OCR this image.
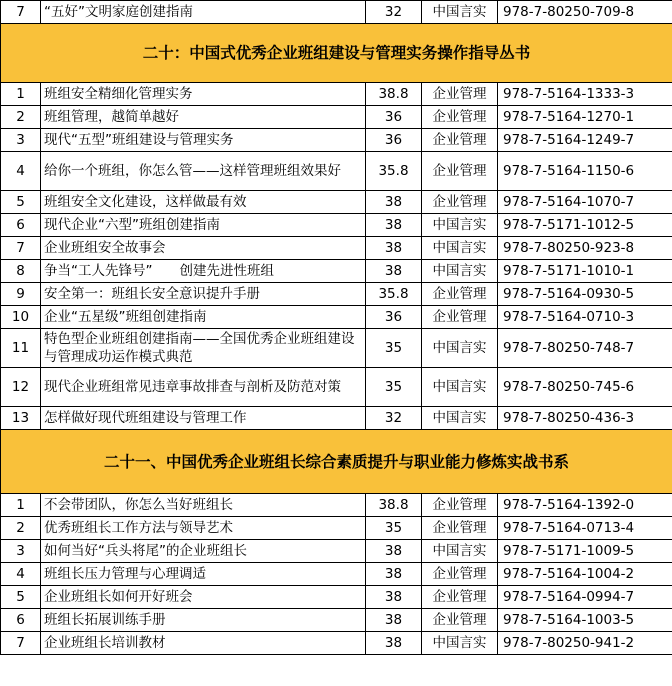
7	“五好”文明家庭创建指南	32	中国言实	978-7-80250-709-8
二十：中国式优秀企业班组建设与管理实务操作指导丛书				
1	班组安全精细化管理实务	38.8	企业管理	978-7-5164-1333-3
2	班组管理，越简单越好	36	企业管理	978-7-5164-1270-1
3	现代“五型”班组建设与管理实务	36	企业管理	978-7-5164-1249-7
4	给你一个班组，你怎么管——这样管理班组效果好	35.8	企业管理	978-7-5164-1150-6
5	班组安全文化建设，这样做最有效	38	企业管理	978-7-5164-1070-7
6	现代企业“六型”班组创建指南	38	中国言实	978-7-5171-1012-5
7	企业班组安全故事会	38	中国言实	978-7-80250-923-8
8	争当“工人先锋号”　　创建先进性班组	38	中国言实	978-7-5171-1010-1
9	安全第一：班组长安全意识提升手册	35.8	企业管理	978-7-5164-0930-5
10	企业“五星级”班组创建指南	36	企业管理	978-7-5164-0710-3
11	特色型企业班组创建指南——全国优秀企业班组建设与管理成功运作模式典范	35	中国言实	978-7-80250-748-7
12	现代企业班组常见违章事故排查与剖析及防范对策	35	中国言实	978-7-80250-745-6
13	怎样做好现代班组建设与管理工作	32	中国言实	978-7-80250-436-3
二十一、中国优秀企业班组长综合素质提升与职业能力修炼实战书系				
1	不会带团队，你怎么当好班组长	38.8	企业管理	978-7-5164-1392-0
2	优秀班组长工作方法与领导艺术	35	企业管理	978-7-5164-0713-4
3	如何当好“兵头将尾”的企业班组长	38	中国言实	978-7-5171-1009-5
4	班组长压力管理与心理调适	38	企业管理	978-7-5164-1004-2
5	企业班组长如何开好班会	38	企业管理	978-7-5164-0994-7
6	班组长拓展训练手册	38	企业管理	978-7-5164-1003-5
7	企业班组长培训教材	38	中国言实	978-7-80250-941-2
